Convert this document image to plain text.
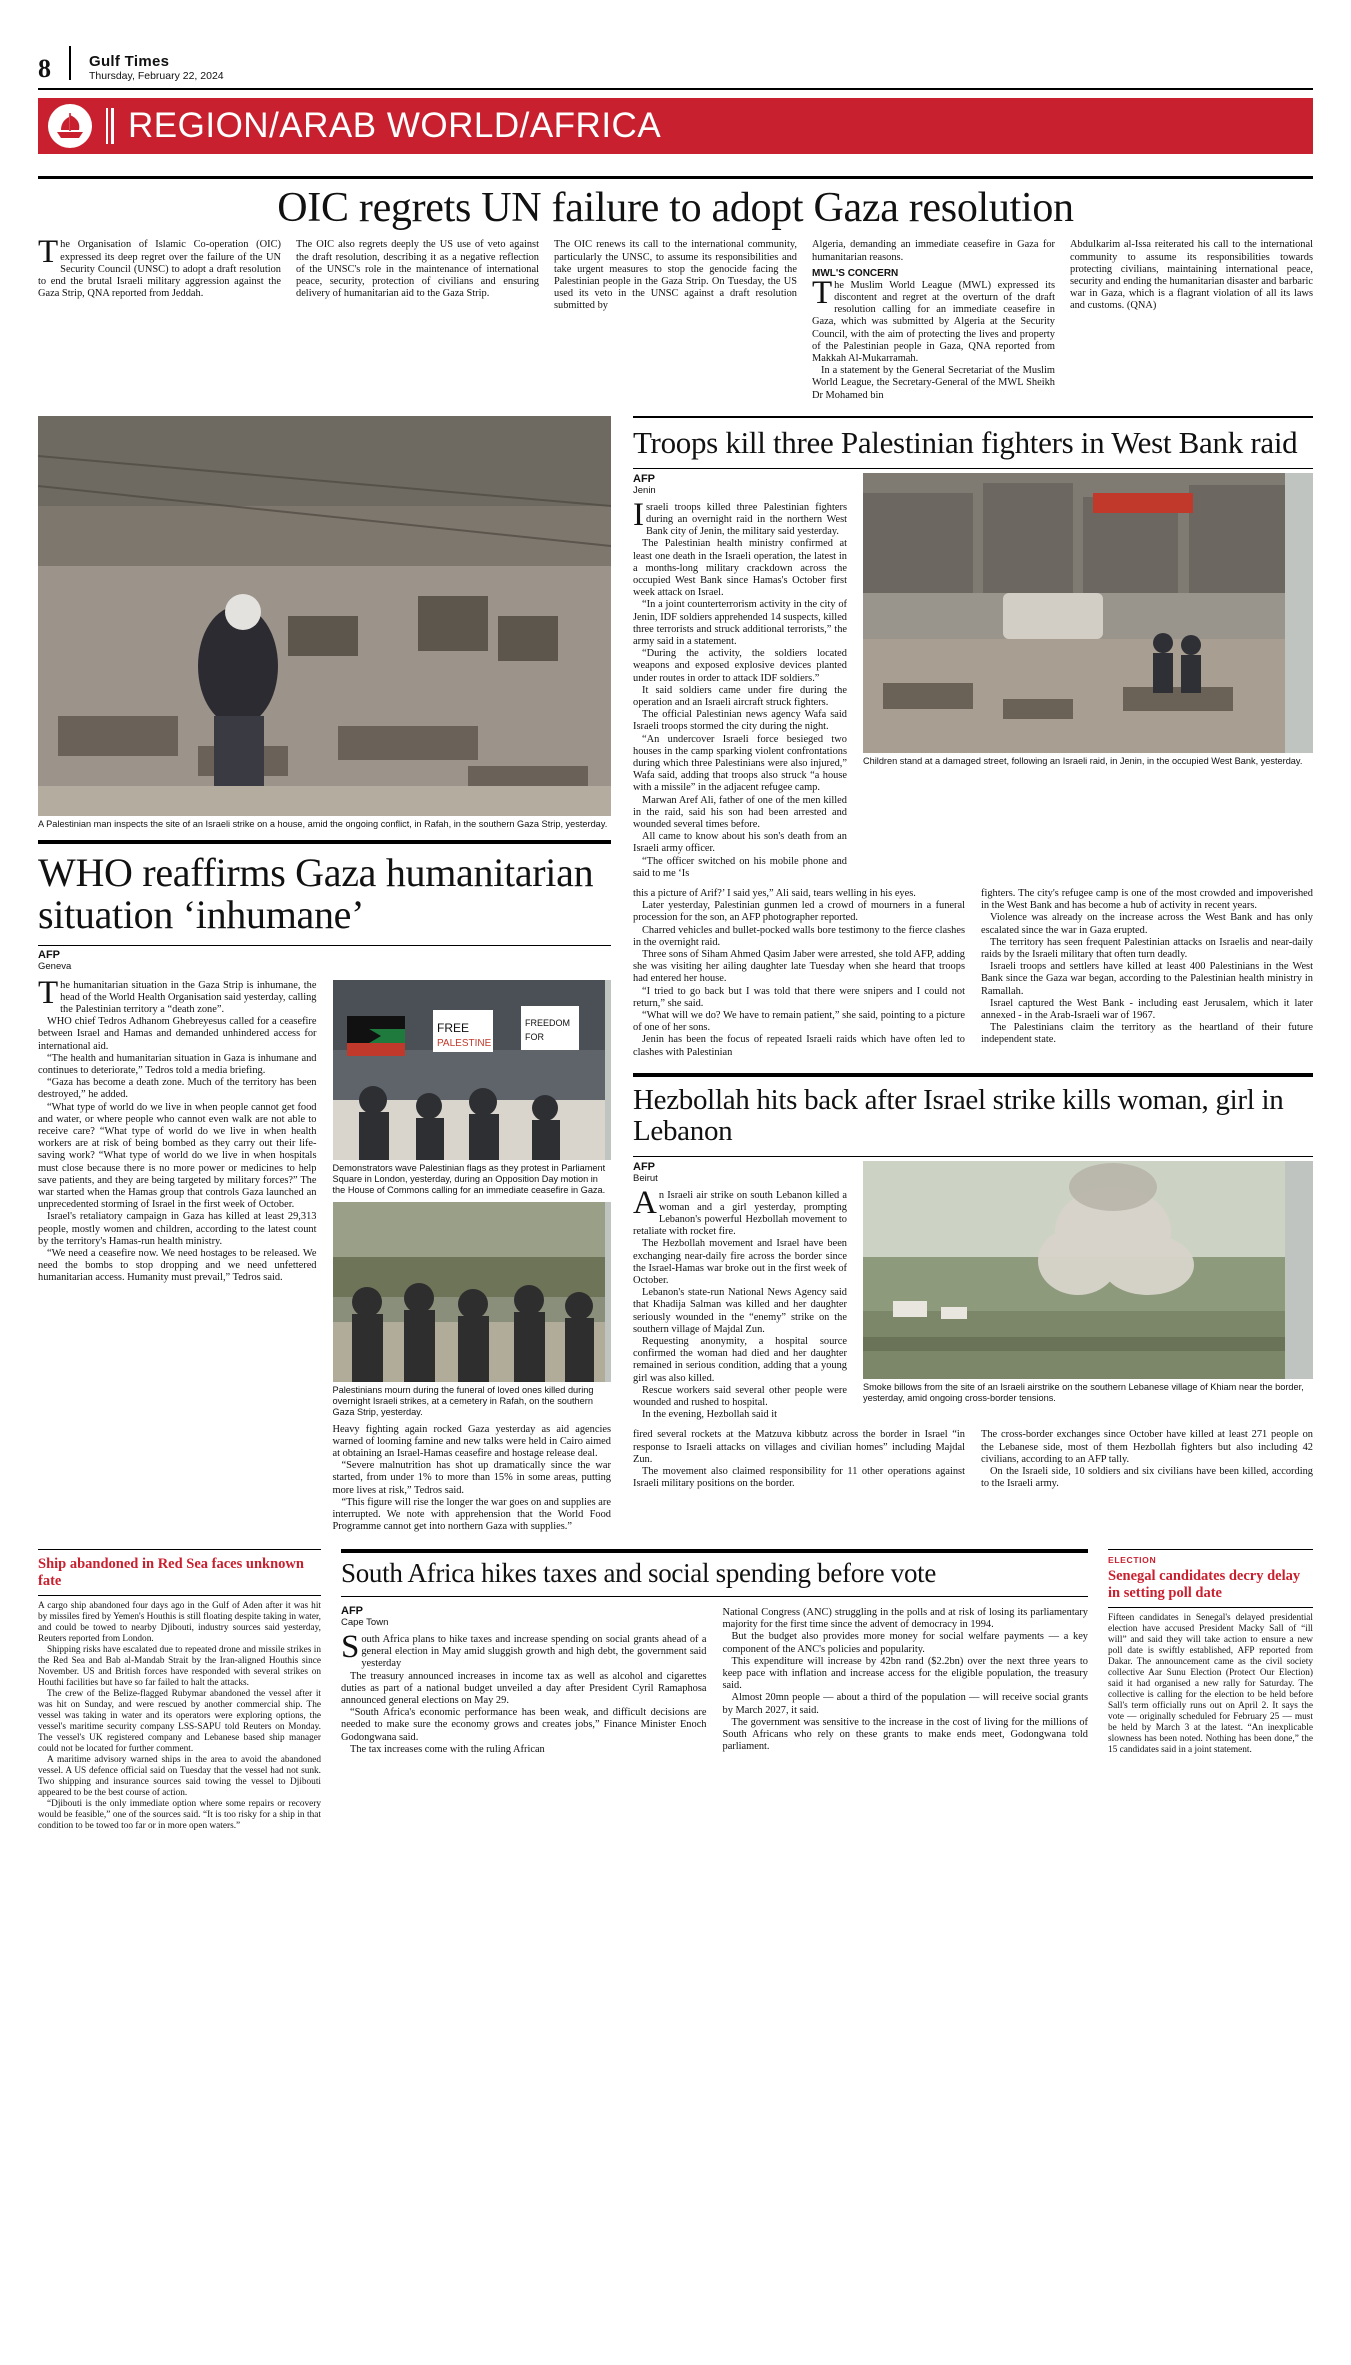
8	Gulf Times
Thursday, February 22, 2024
REGION/ARAB WORLD/AFRICA
OIC regrets UN failure to adopt Gaza resolution

The Organisation of Islamic Co-operation (OIC) expressed its deep regret over the failure of the UN Security Council (UNSC) to adopt a draft resolution to end the brutal Israeli military aggression against the Gaza Strip, QNA reported from Jeddah.

The OIC also regrets deeply the US use of veto against the draft resolution, describing it as a negative reflection of the UNSC's role in the maintenance of international peace, security, protection of civilians and ensuring delivery of humanitarian aid to the Gaza Strip.

The OIC renews its call to the international community, particularly the UNSC, to assume its responsibilities and take urgent measures to stop the genocide facing the Palestinian people in the Gaza Strip. On Tuesday, the US used its veto in the UNSC against a draft resolution submitted by

Algeria, demanding an immediate ceasefire in Gaza for humanitarian reasons.

MWL'S CONCERN

The Muslim World League (MWL) expressed its discontent and regret at the overturn of the draft resolution calling for an immediate ceasefire in Gaza, which was submitted by Algeria at the Security Council, with the aim of protecting the lives and property of the Palestinian people in Gaza, QNA reported from Makkah Al-Mukarramah.

In a statement by the General Secretariat of the Muslim World League, the Secretary-General of the MWL Sheikh Dr Mohamed bin

Abdulkarim al-Issa reiterated his call to the international community to assume its responsibilities towards protecting civilians, maintaining international peace, security and ending the humanitarian disaster and barbaric war in Gaza, which is a flagrant violation of all its laws and customs. (QNA)

A Palestinian man inspects the site of an Israeli strike on a house, amid the ongoing conflict, in Rafah, in the southern Gaza Strip, yesterday.
WHO reaffirms Gaza humanitarian situation ‘inhumane’
AFP
Geneva

The humanitarian situation in the Gaza Strip is inhumane, the head of the World Health Organisation said yesterday, calling the Palestinian territory a “death zone”.

WHO chief Tedros Adhanom Ghebreyesus called for a ceasefire between Israel and Hamas and demanded unhindered access for international aid.

“The health and humanitarian situation in Gaza is inhumane and continues to deteriorate,” Tedros told a media briefing.

“Gaza has become a death zone. Much of the territory has been destroyed,” he added.

“What type of world do we live in when people cannot get food and water, or where people who cannot even walk are not able to receive care? “What type of world do we live in when health workers are at risk of being bombed as they carry out their life-saving work? “What type of world do we live in when hospitals must close because there is no more power or medicines to help save patients, and they are being targeted by military forces?” The war started when the Hamas group that controls Gaza launched an unprecedented storming of Israel in the first week of October.

Israel's retaliatory campaign in Gaza has killed at least 29,313 people, mostly women and children, according to the latest count by the territory's Hamas-run health ministry.

“We need a ceasefire now. We need hostages to be released. We need the bombs to stop dropping and we need unfettered humanitarian access. Humanity must prevail,” Tedros said.

FREE
PALESTINE
FREEDOM
FOR
Demonstrators wave Palestinian flags as they protest in Parliament Square in London, yesterday, during an Opposition Day motion in the House of Commons calling for an immediate ceasefire in Gaza.
Palestinians mourn during the funeral of loved ones killed during overnight Israeli strikes, at a cemetery in Rafah, on the southern Gaza Strip, yesterday.

Heavy fighting again rocked Gaza yesterday as aid agencies warned of looming famine and new talks were held in Cairo aimed at obtaining an Israel-Hamas ceasefire and hostage release deal.

“Severe malnutrition has shot up dramatically since the war started, from under 1% to more than 15% in some areas, putting more lives at risk,” Tedros said.

“This figure will rise the longer the war goes on and supplies are interrupted. We note with apprehension that the World Food Programme cannot get into northern Gaza with supplies.”

Troops kill three Palestinian fighters in West Bank raid
AFP
Jenin

Israeli troops killed three Palestinian fighters during an overnight raid in the northern West Bank city of Jenin, the military said yesterday.

The Palestinian health ministry confirmed at least one death in the Israeli operation, the latest in a months-long military crackdown across the occupied West Bank since Hamas's October first week attack on Israel.

“In a joint counterterrorism activity in the city of Jenin, IDF soldiers apprehended 14 suspects, killed three terrorists and struck additional terrorists,” the army said in a statement.

“During the activity, the soldiers located weapons and exposed explosive devices planted under routes in order to attack IDF soldiers.”

It said soldiers came under fire during the operation and an Israeli aircraft struck fighters.

The official Palestinian news agency Wafa said Israeli troops stormed the city during the night.

“An undercover Israeli force besieged two houses in the camp sparking violent confrontations during which three Palestinians were also injured,” Wafa said, adding that troops also struck “a house with a missile” in the adjacent refugee camp.

Marwan Aref Ali, father of one of the men killed in the raid, said his son had been arrested and wounded several times before.

All came to know about his son's death from an Israeli army officer.

“The officer switched on his mobile phone and said to me ‘Is

Children stand at a damaged street, following an Israeli raid, in Jenin, in the occupied West Bank, yesterday.

this a picture of Arif?’ I said yes,” Ali said, tears welling in his eyes.

Later yesterday, Palestinian gunmen led a crowd of mourners in a funeral procession for the son, an AFP photographer reported.

Charred vehicles and bullet-pocked walls bore testimony to the fierce clashes in the overnight raid.

Three sons of Siham Ahmed Qasim Jaber were arrested, she told AFP, adding she was visiting her ailing daughter late Tuesday when she heard that troops had entered her house.

“I tried to go back but I was told that there were snipers and I could not return,” she said.

“What will we do? We have to remain patient,” she said, pointing to a picture of one of her sons.

Jenin has been the focus of repeated Israeli raids which have often led to clashes with Palestinian

fighters. The city's refugee camp is one of the most crowded and impoverished in the West Bank and has become a hub of activity in recent years.

Violence was already on the increase across the West Bank and has only escalated since the war in Gaza erupted.

The territory has seen frequent Palestinian attacks on Israelis and near-daily raids by the Israeli military that often turn deadly.

Israeli troops and settlers have killed at least 400 Palestinians in the West Bank since the Gaza war began, according to the Palestinian health ministry in Ramallah.

Israel captured the West Bank - including east Jerusalem, which it later annexed - in the Arab-Israeli war of 1967.

The Palestinians claim the territory as the heartland of their future independent state.

Hezbollah hits back after Israel strike kills woman, girl in Lebanon
AFP
Beirut

An Israeli air strike on south Lebanon killed a woman and a girl yesterday, prompting Lebanon's powerful Hezbollah movement to retaliate with rocket fire.

The Hezbollah movement and Israel have been exchanging near-daily fire across the border since the Israel-Hamas war broke out in the first week of October.

Lebanon's state-run National News Agency said that Khadija Salman was killed and her daughter seriously wounded in the “enemy” strike on the southern village of Majdal Zun.

Requesting anonymity, a hospital source confirmed the woman had died and her daughter remained in serious condition, adding that a young girl was also killed.

Rescue workers said several other people were wounded and rushed to hospital.

In the evening, Hezbollah said it

Smoke billows from the site of an Israeli airstrike on the southern Lebanese village of Khiam near the border, yesterday, amid ongoing cross-border tensions.

fired several rockets at the Matzuva kibbutz across the border in Israel “in response to Israeli attacks on villages and civilian homes” including Majdal Zun.

The movement also claimed responsibility for 11 other operations against Israeli military positions on the border.

The cross-border exchanges since October have killed at least 271 people on the Lebanese side, most of them Hezbollah fighters but also including 42 civilians, according to an AFP tally.

On the Israeli side, 10 soldiers and six civilians have been killed, according to the Israeli army.

Ship abandoned in Red Sea faces unknown fate

A cargo ship abandoned four days ago in the Gulf of Aden after it was hit by missiles fired by Yemen's Houthis is still floating despite taking in water, and could be towed to nearby Djibouti, industry sources said yesterday, Reuters reported from London.

Shipping risks have escalated due to repeated drone and missile strikes in the Red Sea and Bab al-Mandab Strait by the Iran-aligned Houthis since November. US and British forces have responded with several strikes on Houthi facilities but have so far failed to halt the attacks.

The crew of the Belize-flagged Rubymar abandoned the vessel after it was hit on Sunday, and were rescued by another commercial ship. The vessel was taking in water and its operators were exploring options, the vessel's maritime security company LSS-SAPU told Reuters on Monday. The vessel's UK registered company and Lebanese based ship manager could not be located for further comment.

A maritime advisory warned ships in the area to avoid the abandoned vessel. A US defence official said on Tuesday that the vessel had not sunk. Two shipping and insurance sources said towing the vessel to Djibouti appeared to be the best course of action.

“Djibouti is the only immediate option where some repairs or recovery would be feasible,” one of the sources said. “It is too risky for a ship in that condition to be towed too far or in more open waters.”

South Africa hikes taxes and social spending before vote
AFP
Cape Town

South Africa plans to hike taxes and increase spending on social grants ahead of a general election in May amid sluggish growth and high debt, the government said yesterday

The treasury announced increases in income tax as well as alcohol and cigarettes duties as part of a national budget unveiled a day after President Cyril Ramaphosa announced general elections on May 29.

“South Africa's economic performance has been weak, and difficult decisions are needed to make sure the economy grows and creates jobs,” Finance Minister Enoch Godongwana said.

The tax increases come with the ruling African

National Congress (ANC) struggling in the polls and at risk of losing its parliamentary majority for the first time since the advent of democracy in 1994.

But the budget also provides more money for social welfare payments — a key component of the ANC's policies and popularity.

This expenditure will increase by 42bn rand ($2.2bn) over the next three years to keep pace with inflation and increase access for the eligible population, the treasury said.

Almost 20mn people — about a third of the population — will receive social grants by March 2027, it said.

The government was sensitive to the increase in the cost of living for the millions of South Africans who rely on these grants to make ends meet, Godongwana told parliament.

ELECTION
Senegal candidates decry delay in setting poll date

Fifteen candidates in Senegal's delayed presidential election have accused President Macky Sall of “ill will” and said they will take action to ensure a new poll date is swiftly established, AFP reported from Dakar. The announcement came as the civil society collective Aar Sunu Election (Protect Our Election) said it had organised a new rally for Saturday. The collective is calling for the election to be held before Sall's term officially runs out on April 2. It says the vote — originally scheduled for February 25 — must be held by March 3 at the latest. “An inexplicable slowness has been noted. Nothing has been done,” the 15 candidates said in a joint statement.
